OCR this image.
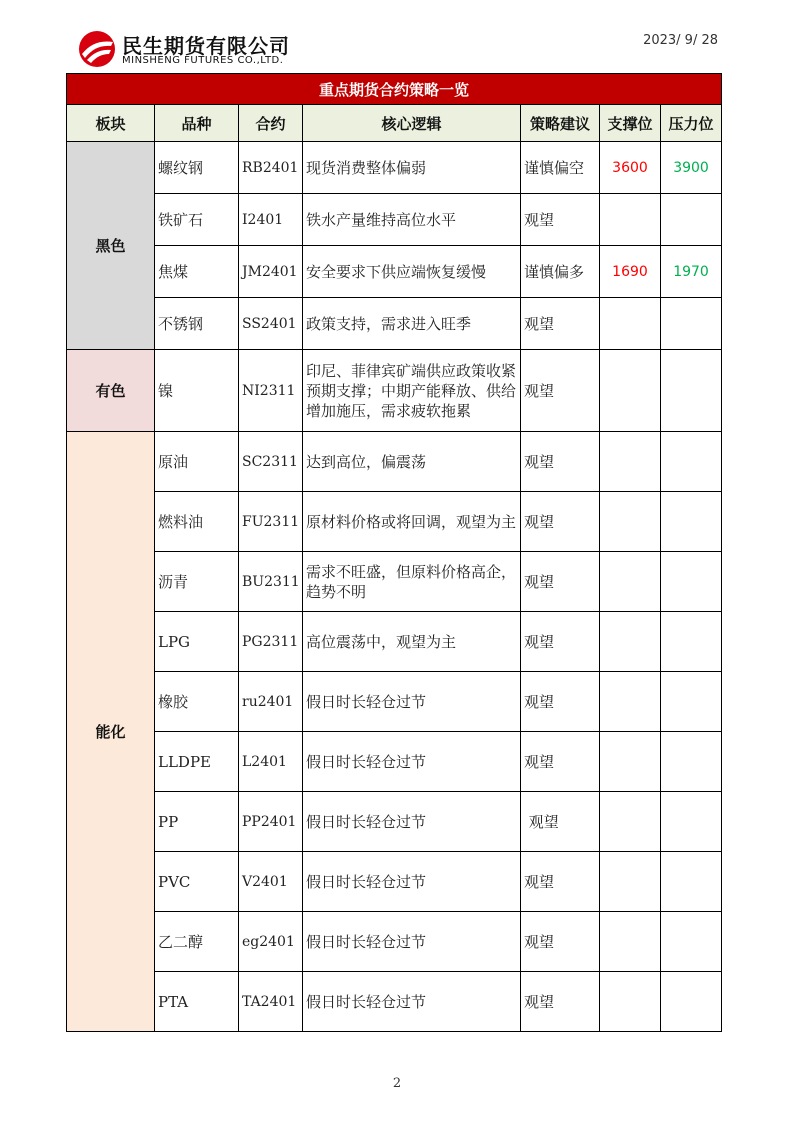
民生期货有限公司
MINSHENG FUTURES CO.,LTD.
2023/ 9/ 28
重点期货合约策略一览						
板块	品种	合约	核心逻辑	策略建议	支撑位	压力位
黑色	螺纹钢	RB2401	现货消费整体偏弱	谨慎偏空	3600	3900
	铁矿石	I2401	铁水产量维持高位水平	观望		
	焦煤	JM2401	安全要求下供应端恢复缓慢	谨慎偏多	1690	1970
	不锈钢	SS2401	政策支持，需求进入旺季	观望		
有色	镍	NI2311	印尼、菲律宾矿端供应政策收紧预期支撑；中期产能释放、供给增加施压，需求疲软拖累	观望		
能化	原油	SC2311	达到高位，偏震荡	观望		
	燃料油	FU2311	原材料价格或将回调，观望为主	观望		
	沥青	BU2311	需求不旺盛，但原料价格高企，趋势不明	观望		
	LPG	PG2311	高位震荡中，观望为主	观望		
	橡胶	ru2401	假日时长轻仓过节	观望		
	LLDPE	L2401	假日时长轻仓过节	观望		
	PP	PP2401	假日时长轻仓过节	观望		
	PVC	V2401	假日时长轻仓过节	观望		
	乙二醇	eg2401	假日时长轻仓过节	观望		
	PTA	TA2401	假日时长轻仓过节	观望		
2
